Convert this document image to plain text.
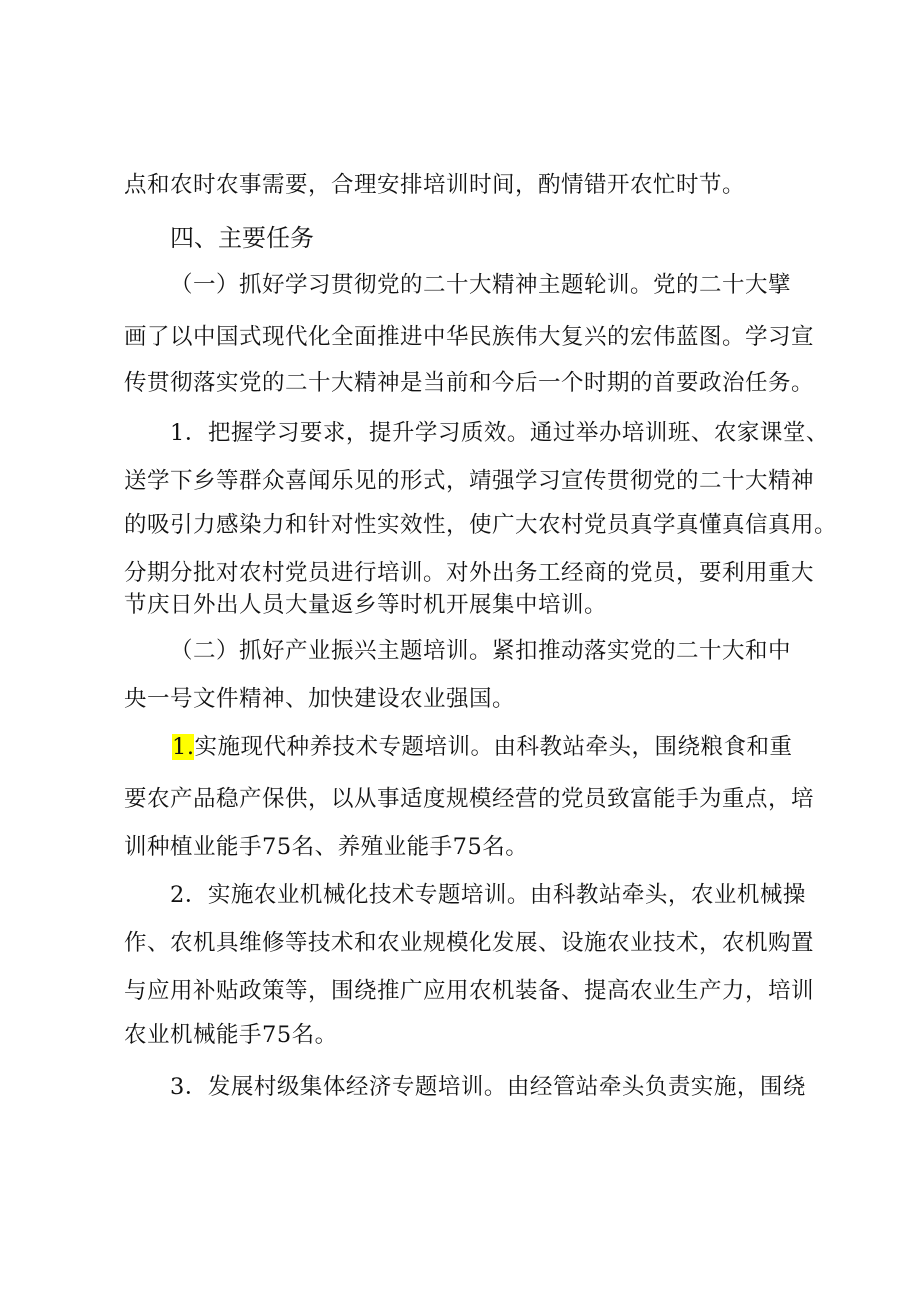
点和农时农事需要，合理安排培训时间，酌情错开农忙时节。
四、主要任务
（一）抓好学习贯彻党的二十大精神主题轮训。党的二十大擘
画了以中国式现代化全面推进中华民族伟大复兴的宏伟蓝图。学习宣
传贯彻落实党的二十大精神是当前和今后一个时期的首要政治任务。
1．把握学习要求，提升学习质效。通过举办培训班、农家课堂、
送学下乡等群众喜闻乐见的形式，靖强学习宣传贯彻党的二十大精神
的吸引力感染力和针对性实效性，使广大农村党员真学真懂真信真用。
分期分批对农村党员进行培训。对外出务工经商的党员，要利用重大
节庆日外出人员大量返乡等时机开展集中培训。
（二）抓好产业振兴主题培训。紧扣推动落实党的二十大和中
央一号文件精神、加快建设农业强国。
1.实施现代种养技术专题培训。由科教站牵头，围绕粮食和重
要农产品稳产保供，以从事适度规模经营的党员致富能手为重点，培
训种植业能手75名、养殖业能手75名。
2．实施农业机械化技术专题培训。由科教站牵头，农业机械操
作、农机具维修等技术和农业规模化发展、设施农业技术，农机购置
与应用补贴政策等，围绕推广应用农机装备、提高农业生产力，培训
农业机械能手75名。
3．发展村级集体经济专题培训。由经管站牵头负责实施，围绕
